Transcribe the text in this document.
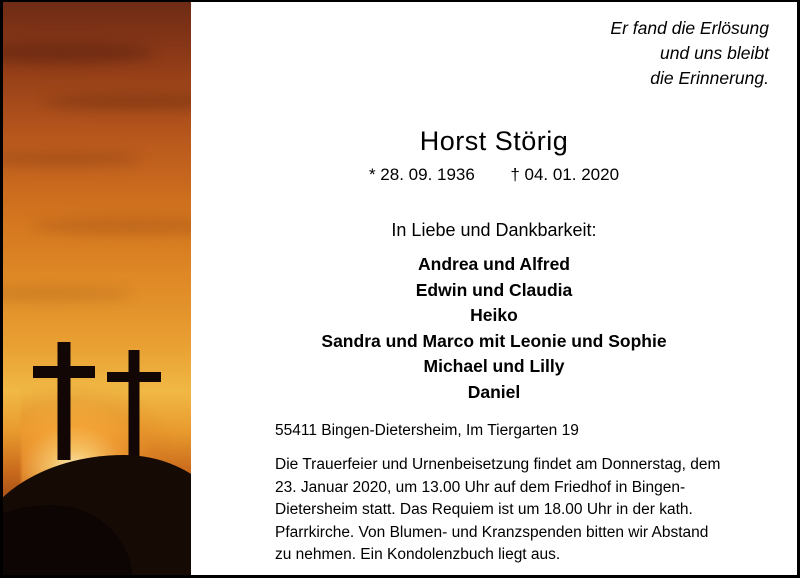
Er fand die Erlösung
und uns bleibt
die Erinnerung.
Horst Störig
* 28. 09. 1936 † 04. 01. 2020
In Liebe und Dankbarkeit:
Andrea und Alfred
Edwin und Claudia
Heiko
Sandra und Marco mit Leonie und Sophie
Michael und Lilly
Daniel
55411 Bingen-Dietersheim, Im Tiergarten 19
Die Trauerfeier und Urnenbeisetzung findet am Donnerstag, dem
23. Januar 2020, um 13.00 Uhr auf dem Friedhof in Bingen-
Dietersheim statt. Das Requiem ist um 18.00 Uhr in der kath.
Pfarrkirche. Von Blumen- und Kranzspenden bitten wir Abstand
zu nehmen. Ein Kondolenzbuch liegt aus.
